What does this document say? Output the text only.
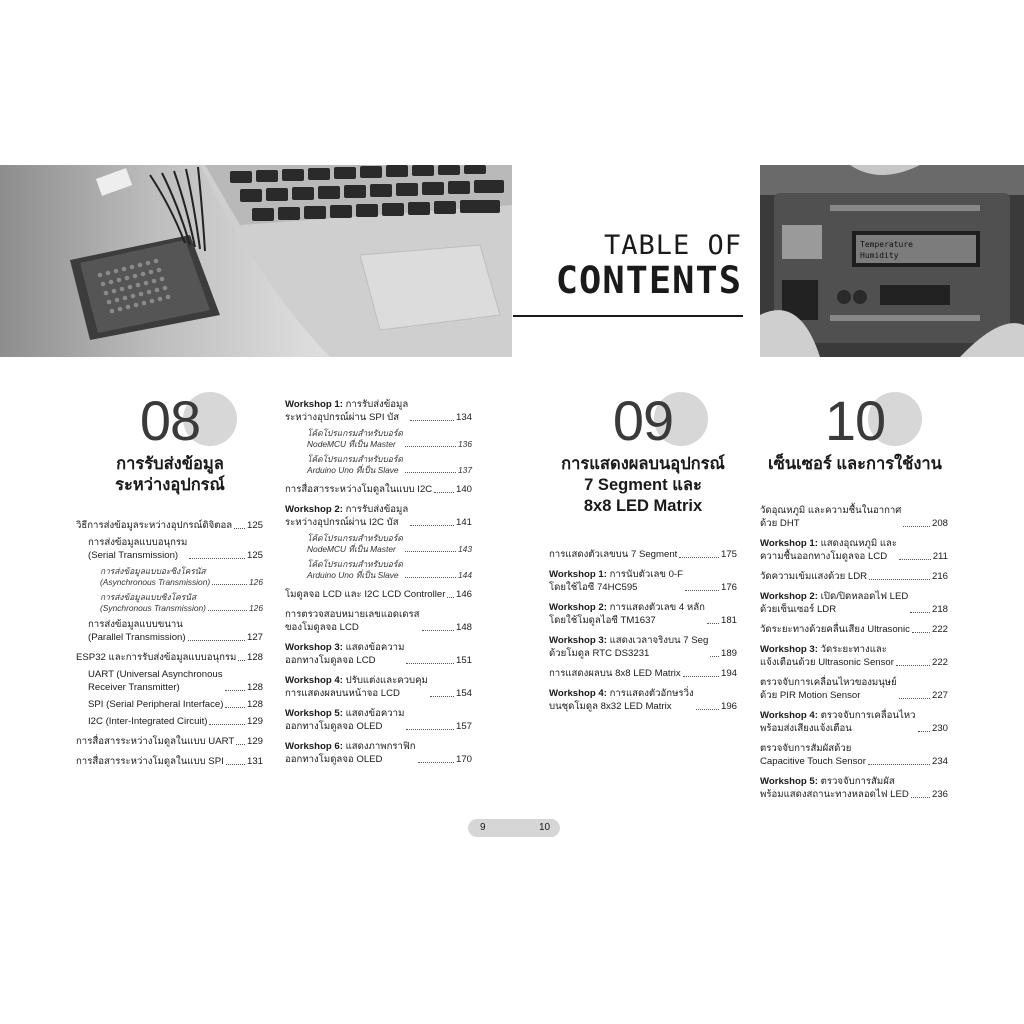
Temperature
Humidity
TABLE OF
CONTENTS
08
การรับส่งข้อมูล
ระหว่างอุปกรณ์
วิธีการส่งข้อมูลระหว่างอุปกรณ์ดิจิตอล 125
การส่งข้อมูลแบบอนุกรม
(Serial Transmission)	125
การส่งข้อมูลแบบอะซิงโครนัส
(Asynchronous Transmission)	126
การส่งข้อมูลแบบซิงโครนัส
(Synchronous Transmission)	126
การส่งข้อมูลแบบขนาน
(Parallel Transmission)	127
ESP32 และการรับส่งข้อมูลแบบอนุกรม 128
UART (Universal Asynchronous
Receiver Transmitter)	128
SPI (Serial Peripheral Interface) 128
I2C (Inter-Integrated Circuit)	129
การสื่อสารระหว่างโมดูลในแบบ UART 129
การสื่อสารระหว่างโมดูลในแบบ SPI 131
Workshop 1: การรับส่งข้อมูล
ระหว่างอุปกรณ์ผ่าน SPI บัส	134
โค้ดโปรแกรมสำหรับบอร์ด
NodeMCU ที่เป็น Master	136
โค้ดโปรแกรมสำหรับบอร์ด
Arduino Uno ที่เป็น Slave	137
การสื่อสารระหว่างโมดูลในแบบ I2C 140
Workshop 2: การรับส่งข้อมูล
ระหว่างอุปกรณ์ผ่าน I2C บัส	141
โค้ดโปรแกรมสำหรับบอร์ด
NodeMCU ที่เป็น Master	143
โค้ดโปรแกรมสำหรับบอร์ด
Arduino Uno ที่เป็น Slave	144
โมดูลจอ LCD และ I2C LCD Controller 146
การตรวจสอบหมายเลขแอดเดรส
ของโมดูลจอ LCD	148
Workshop 3: แสดงข้อความ
ออกทางโมดูลจอ LCD	151
Workshop 4: ปรับแต่งและควบคุม
การแสดงผลบนหน้าจอ LCD	154
Workshop 5: แสดงข้อความ
ออกทางโมดูลจอ OLED	157
Workshop 6: แสดงภาพกราฟิก
ออกทางโมดูลจอ OLED	170
09
การแสดงผลบนอุปกรณ์
7 Segment และ
8x8 LED Matrix
การแสดงตัวเลขบน 7 Segment	175
Workshop 1: การนับตัวเลข 0-F
โดยใช้ไอซี 74HC595	176
Workshop 2: การแสดงตัวเลข 4 หลัก
โดยใช้โมดูลไอซี TM1637	181
Workshop 3: แสดงเวลาจริงบน 7 Seg
ด้วยโมดูล RTC DS3231	189
การแสดงผลบน 8x8 LED Matrix	194
Workshop 4: การแสดงตัวอักษรวิ่ง
บนชุดโมดูล 8x32 LED Matrix	196
10
เซ็นเซอร์ และการใช้งาน
วัดอุณหภูมิ และความชื้นในอากาศ
ด้วย DHT	208
Workshop 1: แสดงอุณหภูมิ และ
ความชื้นออกทางโมดูลจอ LCD	211
วัดความเข้มแสงด้วย LDR	216
Workshop 2: เปิด/ปิดหลอดไฟ LED
ด้วยเซ็นเซอร์ LDR	218
วัดระยะทางด้วยคลื่นเสียง Ultrasonic 222
Workshop 3: วัดระยะทางและ
แจ้งเตือนด้วย Ultrasonic Sensor	222
ตรวจจับการเคลื่อนไหวของมนุษย์
ด้วย PIR Motion Sensor	227
Workshop 4: ตรวจจับการเคลื่อนไหว
พร้อมส่งเสียงแจ้งเตือน	230
ตรวจจับการสัมผัสด้วย
Capacitive Touch Sensor	234
Workshop 5: ตรวจจับการสัมผัส
พร้อมแสดงสถานะทางหลอดไฟ LED 236
9	10
